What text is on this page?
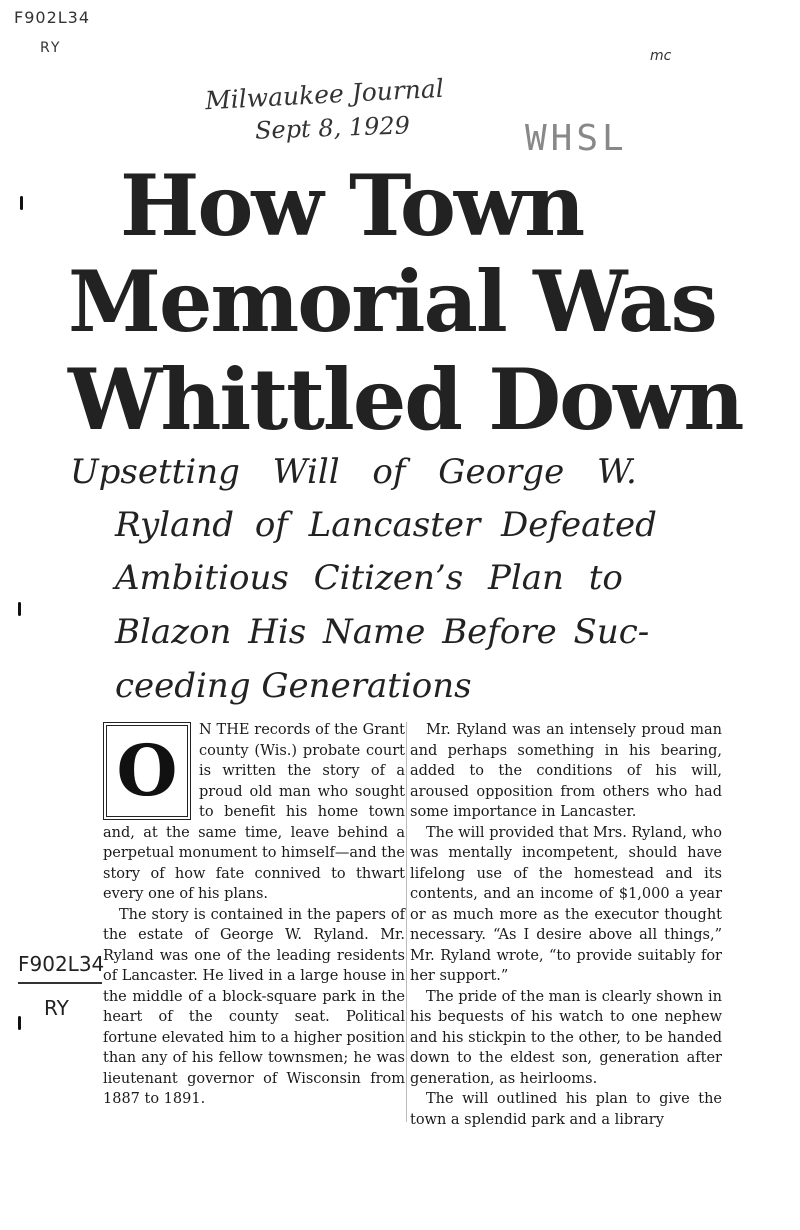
F902L34
RY	mc
Milwaukee Journal
Sept 8, 1929	WHSL
How Town
Memorial Was
Whittled Down
Upsetting Will of George W.
Ryland of Lancaster Defeated
Ambitious Citizen’s Plan to
Blazon His Name Before Suc-
ceeding Generations
O	N THE records of the Grant county (Wis.) probate court is written the story of a proud old man who sought to benefit his home town and, at the same time, leave behind a perpetual monument to himself—and the story of how fate connived to thwart every one of his plans.

The story is contained in the papers of the estate of George W. Ryland. Mr. Ryland was one of the leading residents of Lancaster. He lived in a large house in the middle of a block-square park in the heart of the county seat. Political fortune elevated him to a higher position than any of his fellow townsmen; he was lieutenant governor of Wisconsin from 1887 to 1891.

Mr. Ryland was an intensely proud man and perhaps something in his bearing, added to the conditions of his will, aroused opposition from others who had some importance in Lancaster.

The will provided that Mrs. Ryland, who was mentally incompetent, should have lifelong use of the homestead and its contents, and an income of $1,000 a year or as much more as the executor thought necessary. “As I desire above all things,” Mr. Ryland wrote, “to provide suitably for her support.”

The pride of the man is clearly shown in his bequests of his watch to one nephew and his stickpin to the other, to be handed down to the eldest son, generation after generation, as heirlooms.

The will outlined his plan to give the town a splendid park and a library

F902L34
RY
